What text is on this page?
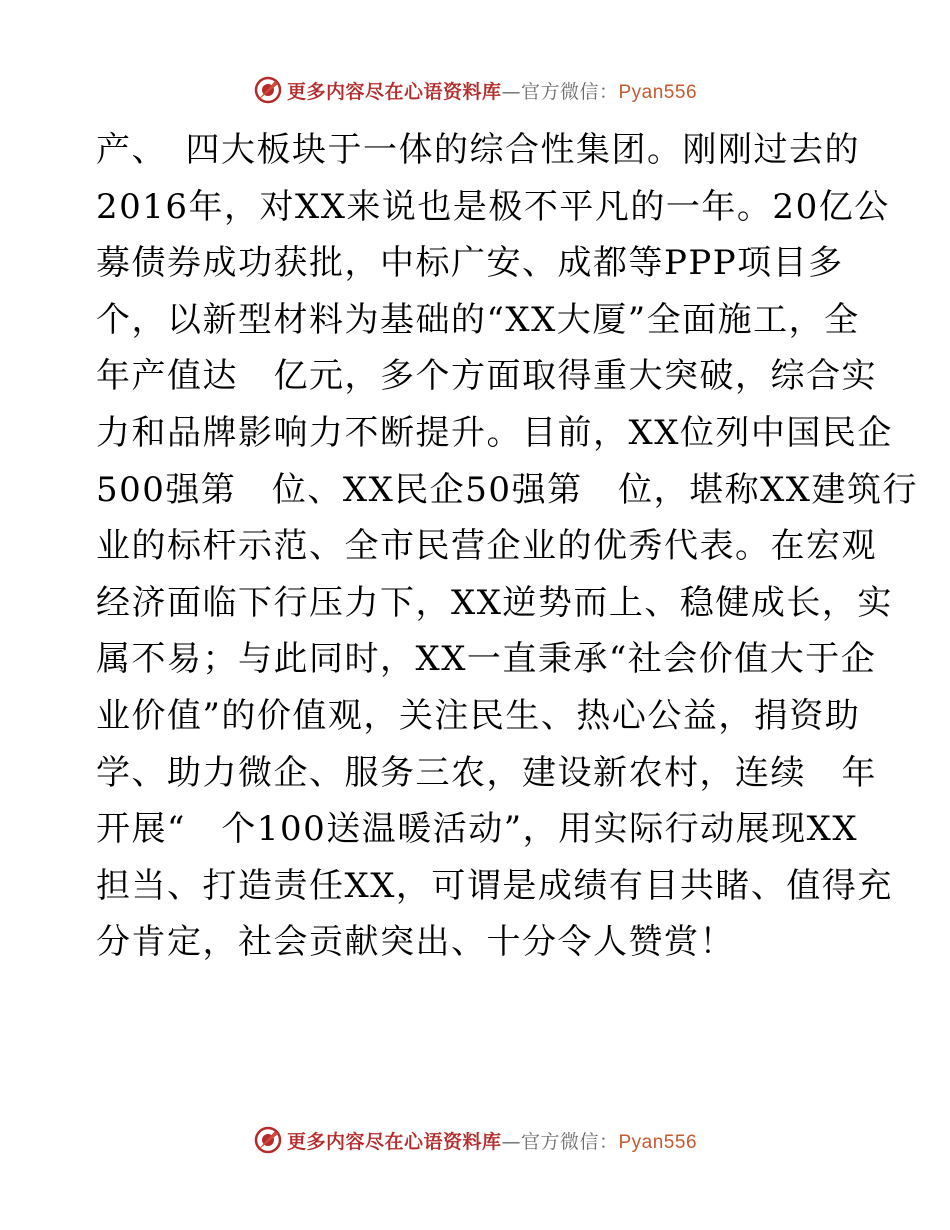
更多内容尽在心语资料库—官方微信：Pyan556
产、　四大板块于一体的综合性集团。刚刚过去的
2016年，对XX来说也是极不平凡的一年。20亿公
募债券成功获批，中标广安、成都等PPP项目多
个，以新型材料为基础的“XX大厦”全面施工，全
年产值达　亿元，多个方面取得重大突破，综合实
力和品牌影响力不断提升。目前，XX位列中国民企
500强第　位、XX民企50强第　位，堪称XX建筑行
业的标杆示范、全市民营企业的优秀代表。在宏观
经济面临下行压力下，XX逆势而上、稳健成长，实
属不易；与此同时，XX一直秉承“社会价值大于企
业价值”的价值观，关注民生、热心公益，捐资助
学、助力微企、服务三农，建设新农村，连续　年
开展“　个100送温暖活动”，用实际行动展现XX
担当、打造责任XX，可谓是成绩有目共睹、值得充
分肯定，社会贡献突出、十分令人赞赏！
更多内容尽在心语资料库—官方微信：Pyan556
